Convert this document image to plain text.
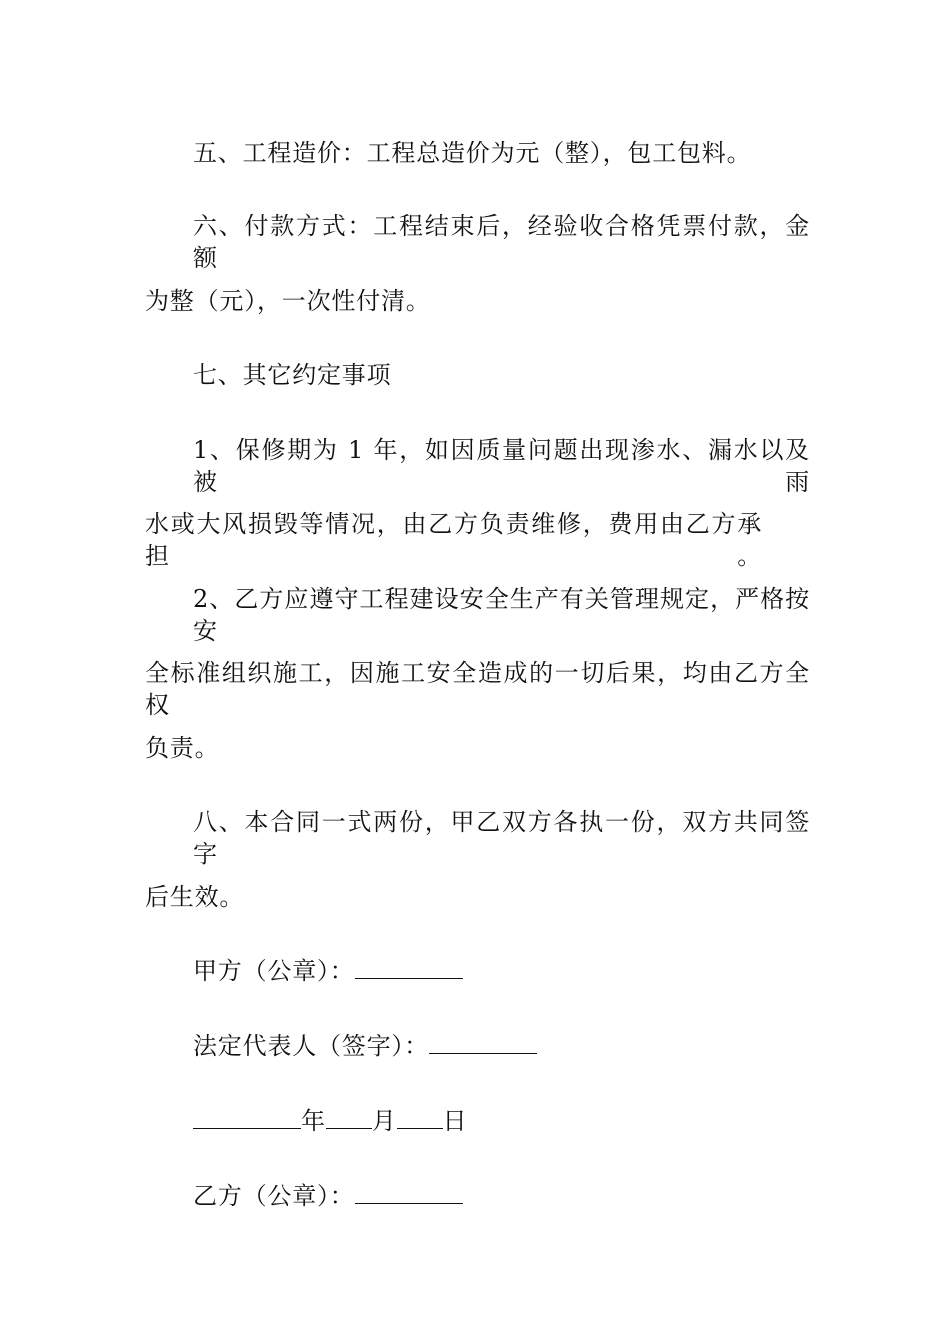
五、工程造价：工程总造价为元（整），包工包料。
六、付款方式：工程结束后，经验收合格凭票付款，金额
为整（元），一次性付清。
七、其它约定事项
1、保修期为 1 年，如因质量问题出现渗水、漏水以及被雨
水或大风损毁等情况，由乙方负责维修，费用由乙方承担。
2、乙方应遵守工程建设安全生产有关管理规定，严格按安
全标准组织施工，因施工安全造成的一切后果，均由乙方全权
负责。
八、本合同一式两份，甲乙双方各执一份，双方共同签字
后生效。
甲方（公章）：
法定代表人（签字）：
年 月 日
乙方（公章）：
